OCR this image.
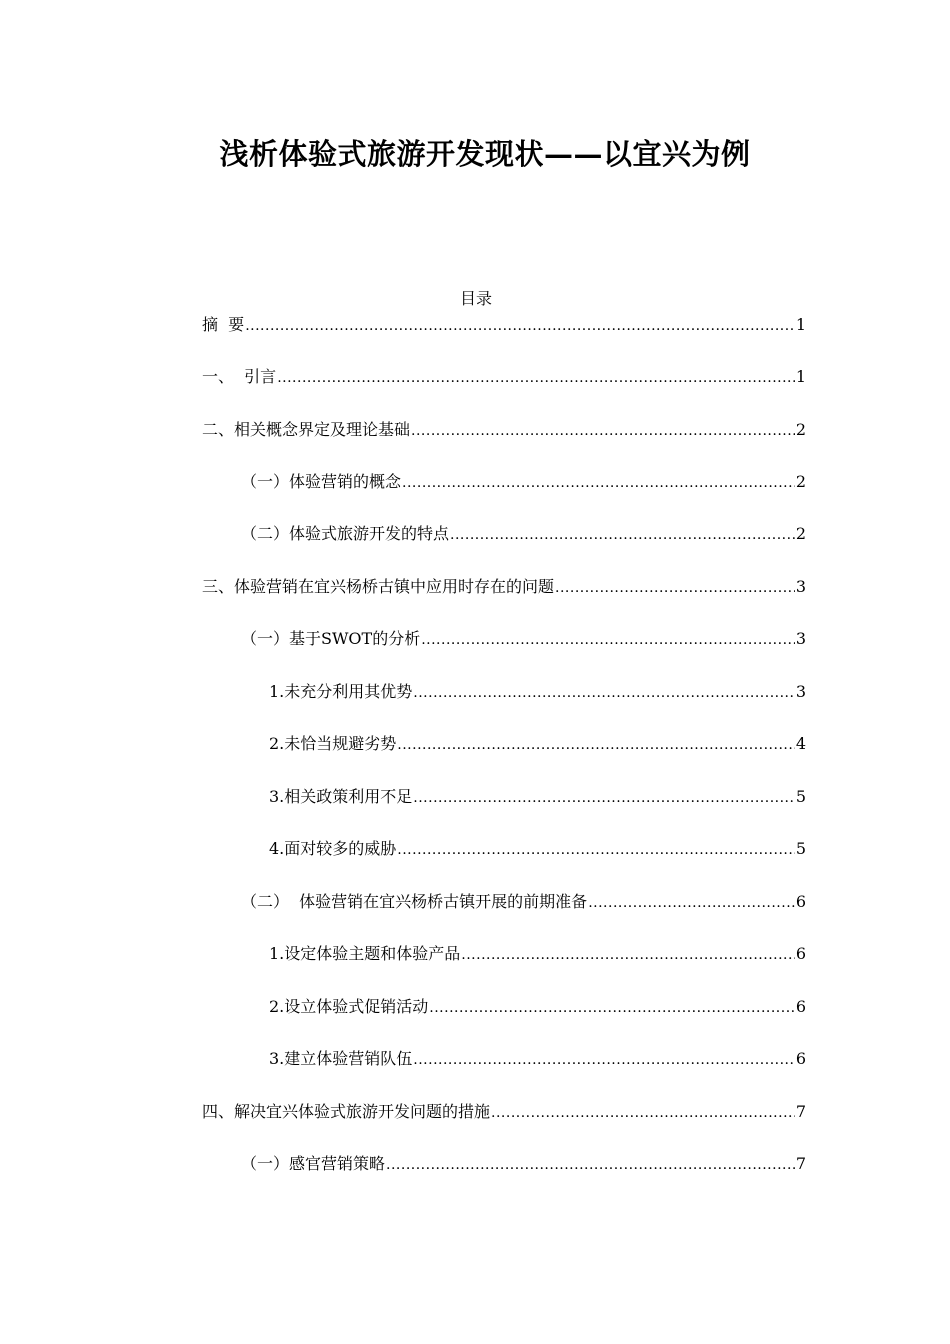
浅析体验式旅游开发现状——以宜兴为例
目录
摘  要 .....	1
一、  引言 .....	1
二、相关概念界定及理论基础 .....	2
（一）体验营销的概念 .....	2
（二）体验式旅游开发的特点 .....	2
三、体验营销在宜兴杨桥古镇中应用时存在的问题 .....	3
（一）基于SWOT的分析 .....	3
1.未充分利用其优势 .....	3
2.未恰当规避劣势 .....	4
3.相关政策利用不足 .....	5
4.面对较多的威胁 .....	5
（二）  体验营销在宜兴杨桥古镇开展的前期准备 .....	6
1.设定体验主题和体验产品 .....	6
2.设立体验式促销活动 .....	6
3.建立体验营销队伍 .....	6
四、解决宜兴体验式旅游开发问题的措施 .....	7
（一）感官营销策略 .....	7
